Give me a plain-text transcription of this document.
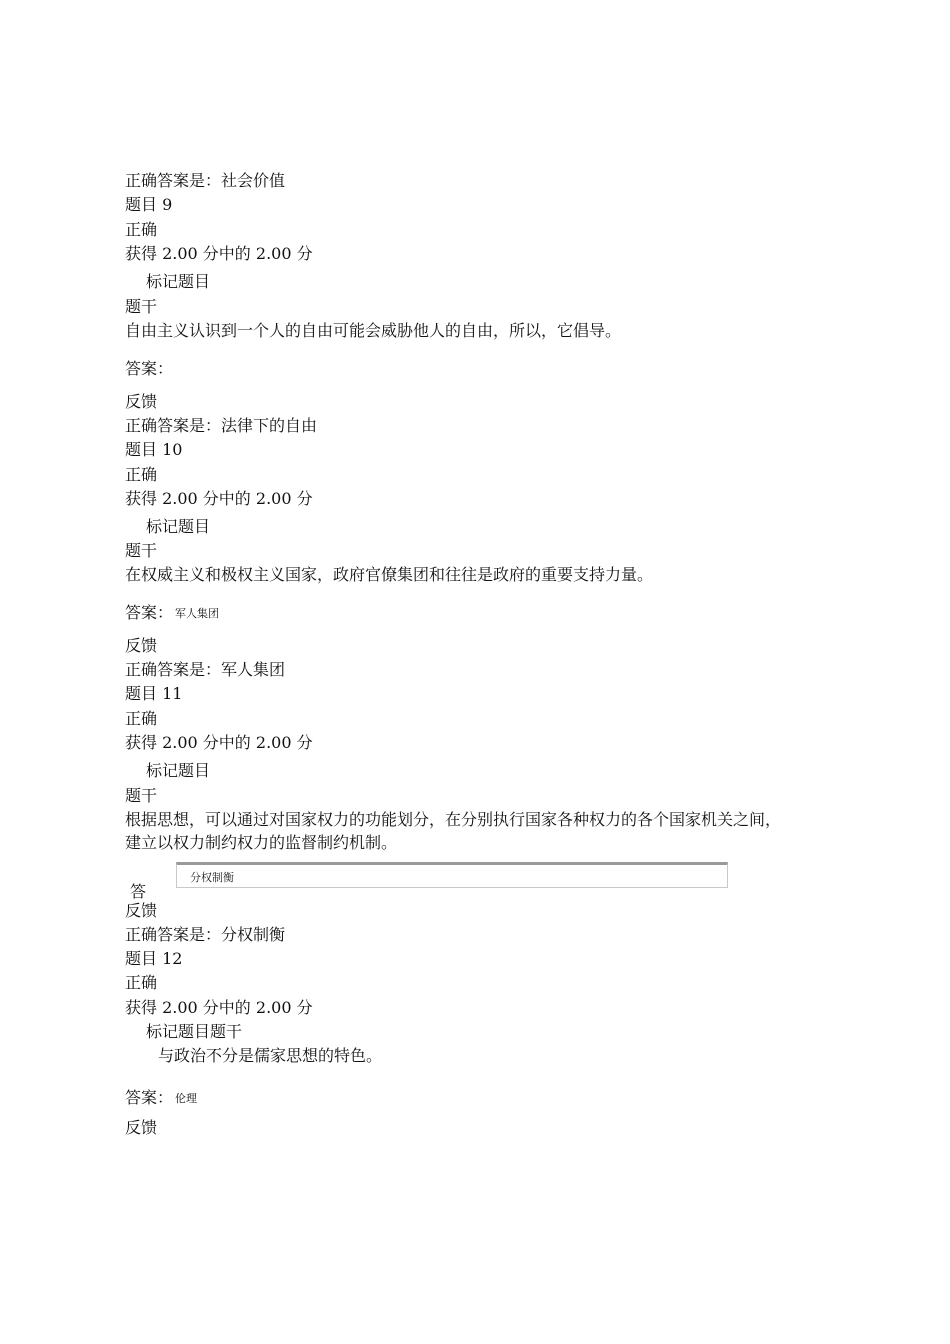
正确答案是：社会价值
题目 9
正确
获得 2.00 分中的 2.00 分
标记题目
题干
自由主义认识到一个人的自由可能会威胁他人的自由，所以，它倡导。
答案：
反馈
正确答案是：法律下的自由
题目 10
正确
获得 2.00 分中的 2.00 分
标记题目
题干
在权威主义和极权主义国家，政府官僚集团和往往是政府的重要支持力量。
答案： 军人集团
反馈
正确答案是：军人集团
题目 11
正确
获得 2.00 分中的 2.00 分
标记题目
题干
根据思想，可以通过对国家权力的功能划分，在分别执行国家各种权力的各个国家机关之间，
建立以权力制约权力的监督制约机制。
答
分权制衡
反馈
正确答案是：分权制衡
题目 12
正确
获得 2.00 分中的 2.00 分
标记题目题干
与政治不分是儒家思想的特色。
答案： 伦理
反馈
